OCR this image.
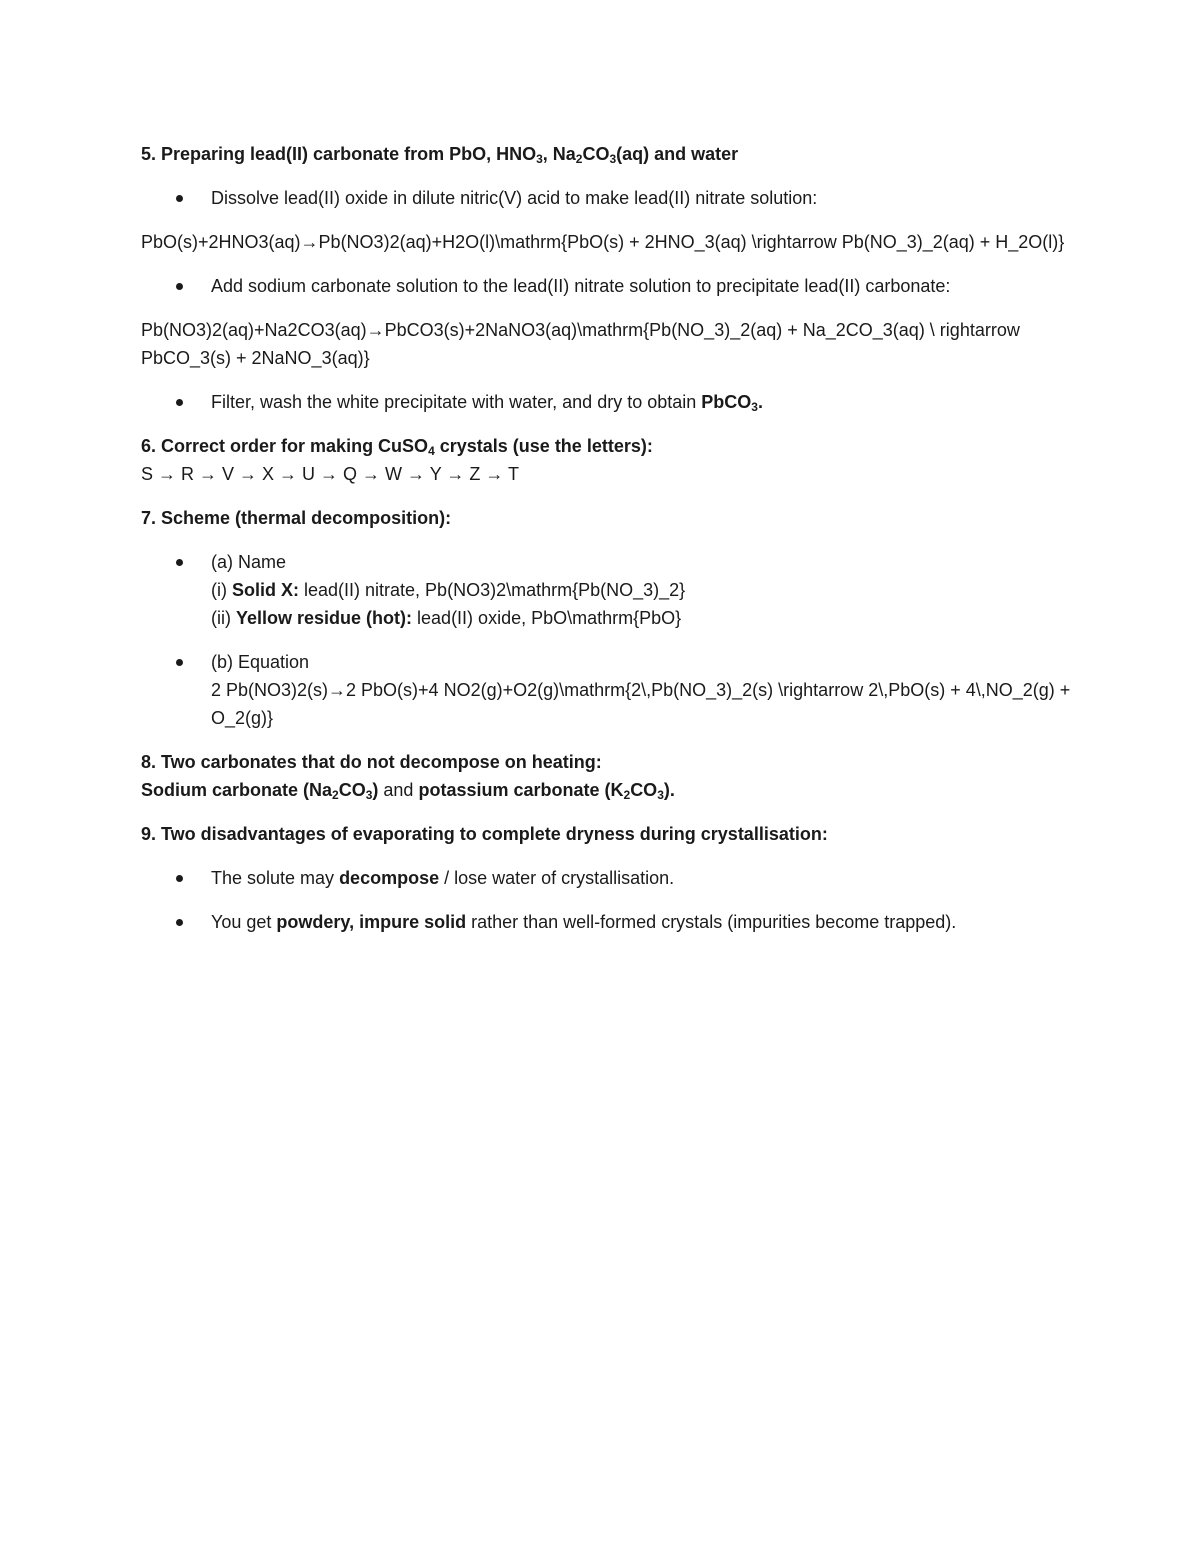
5. Preparing lead(II) carbonate from PbO, $HNO_3$, $Na_2CO_3(aq)$ and water

Dissolve lead(II) oxide in dilute nitric(V) acid to make lead(II) nitrate solution:

PbO(s)+2HNO3(aq)→Pb(NO3)2(aq)+H2O(l)\mathrm{PbO(s) + 2HNO_3(aq) \rightarrow Pb(NO_3)_2(aq) + H_2O(l)}

Add sodium carbonate solution to the lead(II) nitrate solution to precipitate lead(II) carbonate:

Pb(NO3)2(aq)+Na2CO3(aq)→PbCO3(s)+2NaNO3(aq)\mathrm{Pb(NO_3)_2(aq) + Na_2CO_3(aq) \ rightarrow PbCO_3(s) + 2NaNO_3(aq)}

Filter, wash the white precipitate with water, and dry to obtain PbCO$_3$.

6. Correct order for making CuSO$_4$ crystals (use the letters):

S → R → V → X → U → Q → W → Y → Z → T

7. Scheme (thermal decomposition):

(a) Name
(i) Solid X: lead(II) nitrate, Pb(NO3)2\mathrm{Pb(NO_3)_2}
(ii) Yellow residue (hot): lead(II) oxide, PbO\mathrm{PbO}
(b) Equation
2 Pb(NO3)2(s)→2 PbO(s)+4 NO2(g)+O2(g)\mathrm{2\,Pb(NO_3)_2(s) \rightarrow 2\,PbO(s) + 4\,NO_2(g) + O_2(g)}

8. Two carbonates that do not decompose on heating:

Sodium carbonate $(Na_2CO_3)$ and potassium carbonate $(K_2CO_3)$.

9. Two disadvantages of evaporating to complete dryness during crystallisation:

The solute may decompose / lose water of crystallisation.
You get powdery, impure solid rather than well-formed crystals (impurities become trapped).
